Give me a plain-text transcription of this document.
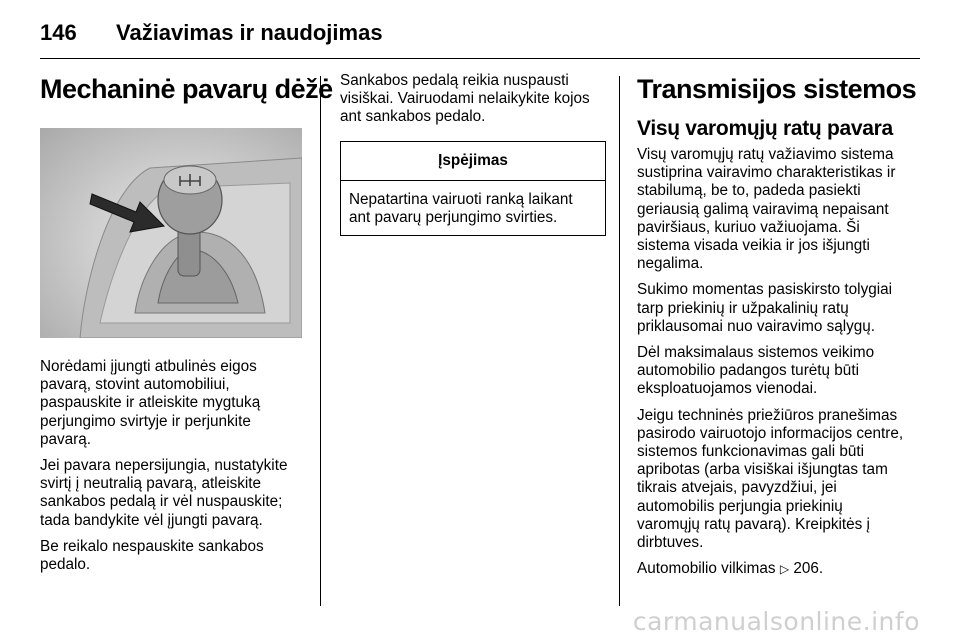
146	Važiavimas ir naudojimas
Mechaninė pavarų dėžė

Norėdami įjungti atbulinės eigos pavarą, stovint automobiliui, paspauskite ir atleiskite mygtuką perjungimo svirtyje ir perjunkite pavarą.

Jei pavara nepersijungia, nustatykite svirtį į neutralią pavarą, atleiskite sankabos pedalą ir vėl nuspauskite; tada bandykite vėl įjungti pavarą.

Be reikalo nespauskite sankabos pedalo.

Sankabos pedalą reikia nuspausti visiškai. Vairuodami nelaikykite kojos ant sankabos pedalo.

Įspėjimas
Nepatartina vairuoti ranką laikant ant pavarų perjungimo svirties.
Transmisijos sistemos
Visų varomųjų ratų pavara

Visų varomųjų ratų važiavimo sistema sustiprina vairavimo charakteristikas ir stabilumą, be to, padeda pasiekti geriausią galimą vairavimą nepaisant paviršiaus, kuriuo važiuojama. Ši sistema visada veikia ir jos išjungti negalima.

Sukimo momentas pasiskirsto tolygiai tarp priekinių ir užpakalinių ratų priklausomai nuo vairavimo sąlygų.

Dėl maksimalaus sistemos veikimo automobilio padangos turėtų būti eksploatuojamos vienodai.

Jeigu techninės priežiūros pranešimas pasirodo vairuotojo informacijos centre, sistemos funkcionavimas gali būti apribotas (arba visiškai išjungtas tam tikrais atvejais, pavyzdžiui, jei automobilis perjungia priekinių varomųjų ratų pavarą). Kreipkitės į dirbtuves.

Automobilio vilkimas ▷ 206.

carmanualsonline.info
